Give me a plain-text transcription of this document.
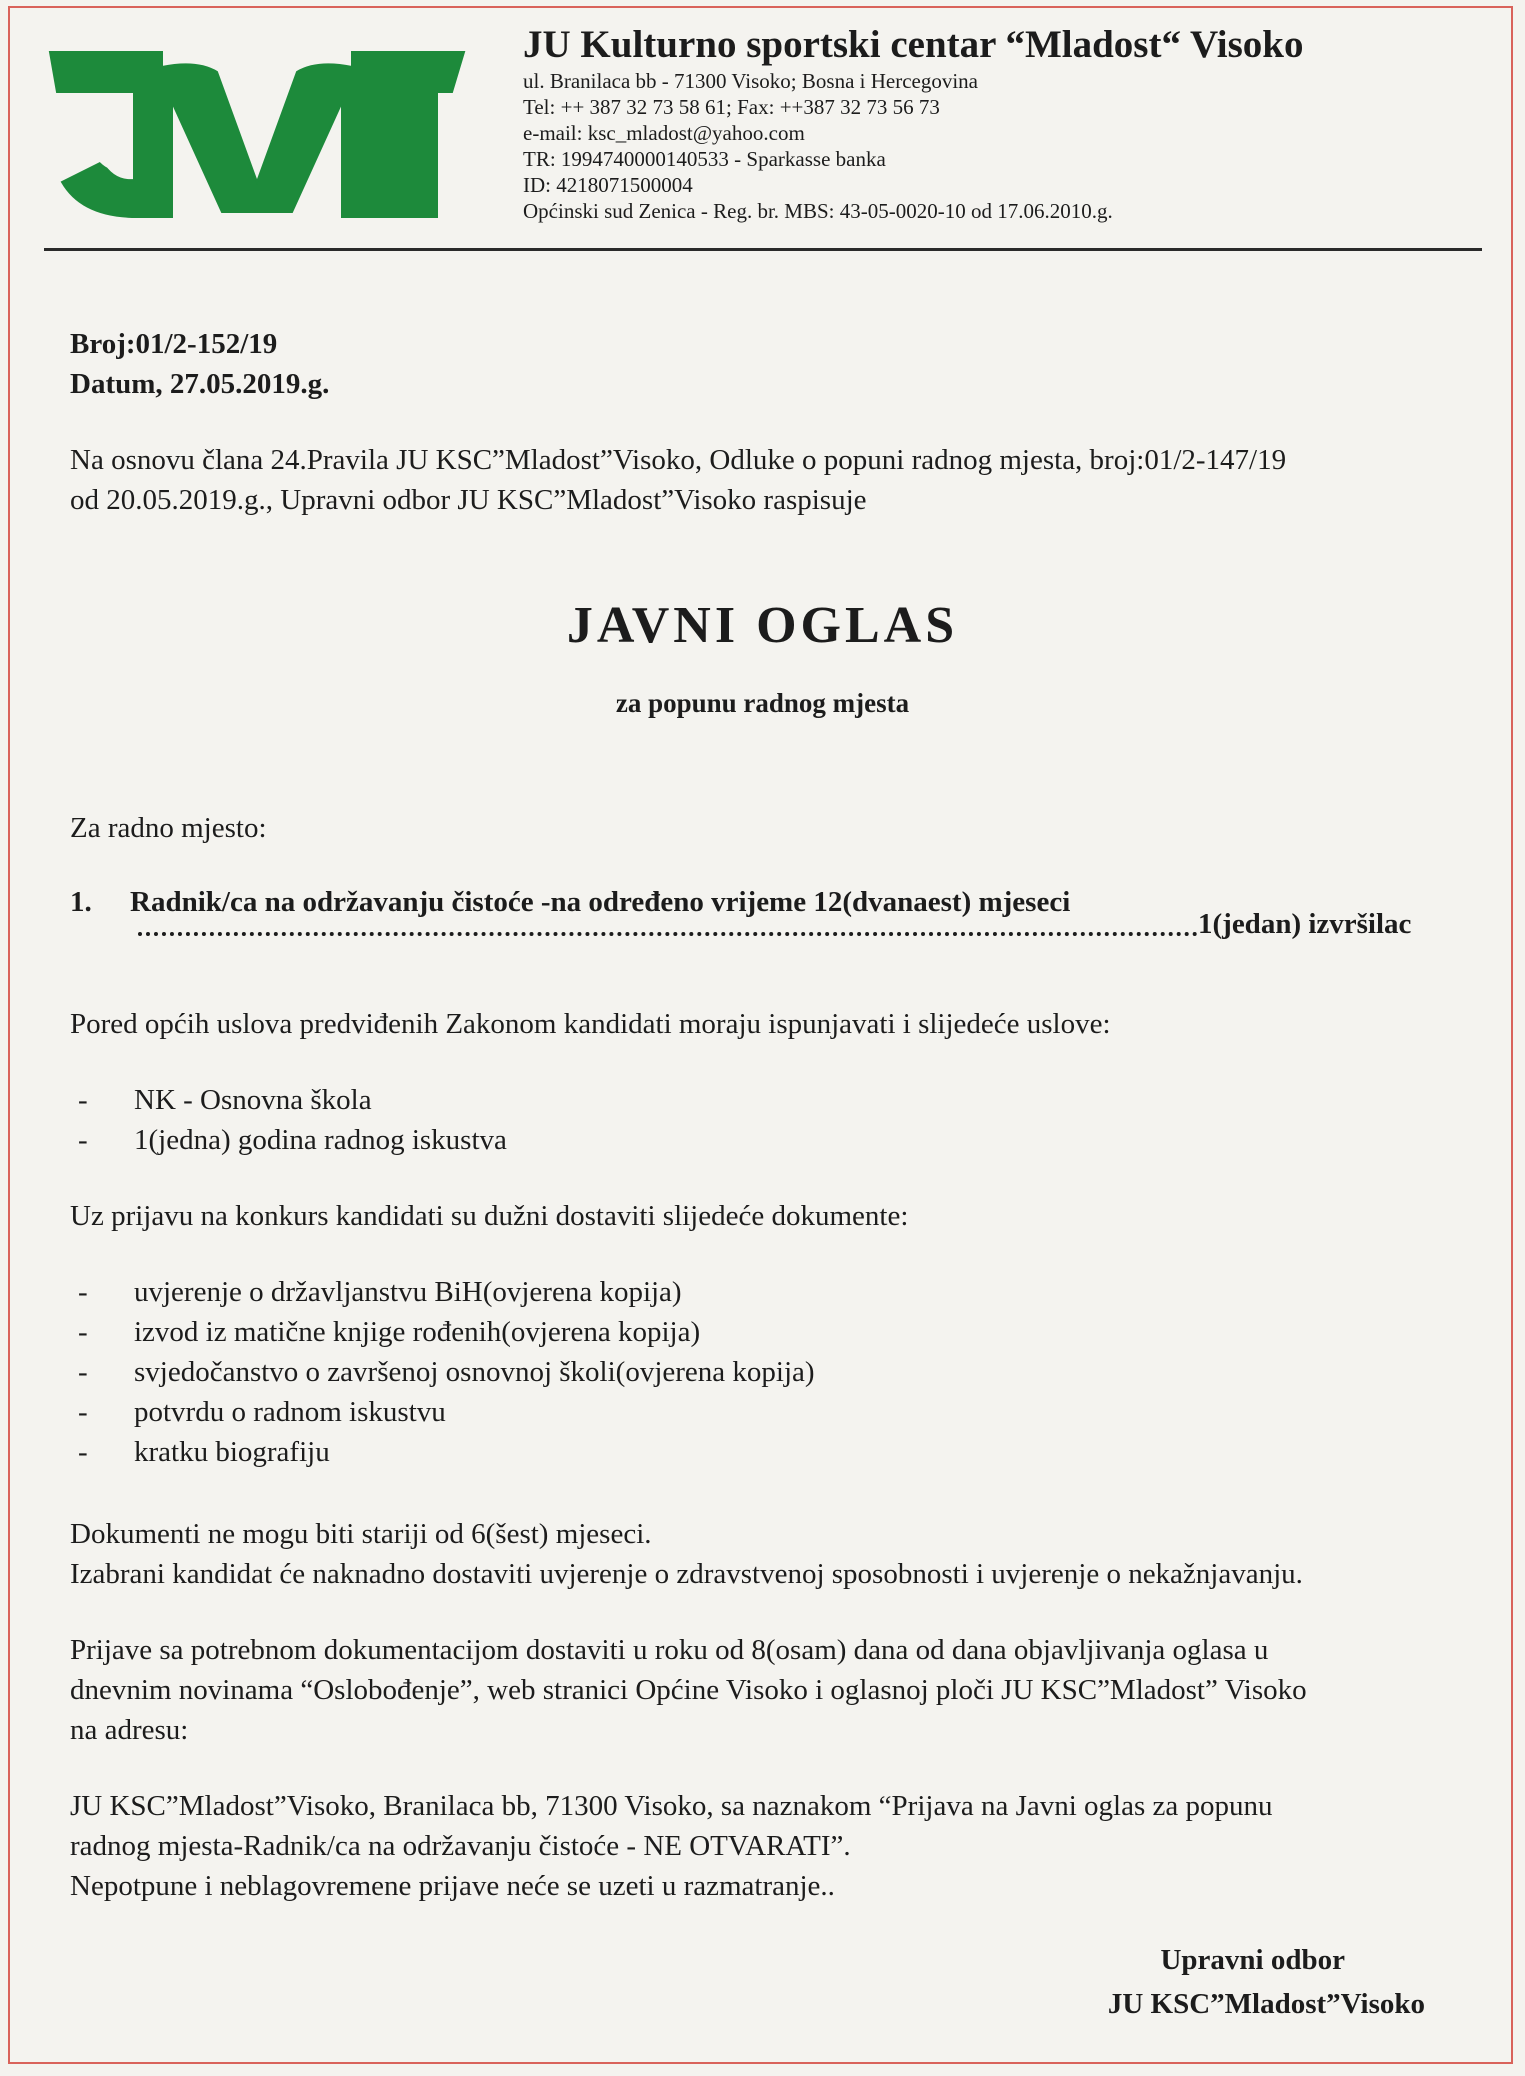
JU Kulturno sportski centar “Mladost“ Visoko
ul. Branilaca bb - 71300 Visoko; Bosna i Hercegovina
Tel: ++ 387 32 73 58 61; Fax: ++387 32 73 56 73
e-mail: ksc_mladost@yahoo.com
TR: 1994740000140533 - Sparkasse banka
ID: 4218071500004
Općinski sud Zenica - Reg. br. MBS: 43-05-0020-10 od 17.06.2010.g.
Broj:01/2-152/19
Datum, 27.05.2019.g.
Na osnovu člana 24.Pravila JU KSC”Mladost”Visoko, Odluke o popuni radnog mjesta, broj:01/2-147/19
od 20.05.2019.g., Upravni odbor JU KSC”Mladost”Visoko raspisuje
JAVNI OGLAS
za popunu radnog mjesta
Za radno mjesto:
1. Radnik/ca na održavanju čistoće -na određeno vrijeme 12(dvanaest) mjeseci
1(jedan) izvršilac
Pored općih uslova predviđenih Zakonom kandidati moraju ispunjavati i slijedeće uslove:
- NK - Osnovna škola
- 1(jedna) godina radnog iskustva
Uz prijavu na konkurs kandidati su dužni dostaviti slijedeće dokumente:
- uvjerenje o državljanstvu BiH(ovjerena kopija)
- izvod iz matične knjige rođenih(ovjerena kopija)
- svjedočanstvo o završenoj osnovnoj školi(ovjerena kopija)
- potvrdu o radnom iskustvu
- kratku biografiju
Dokumenti ne mogu biti stariji od 6(šest) mjeseci.
Izabrani kandidat će naknadno dostaviti uvjerenje o zdravstvenoj sposobnosti i uvjerenje o nekažnjavanju.
Prijave sa potrebnom dokumentacijom dostaviti u roku od 8(osam) dana od dana objavljivanja oglasa u
dnevnim novinama “Oslobođenje”, web stranici Općine Visoko i oglasnoj ploči JU KSC”Mladost” Visoko
na adresu:
JU KSC”Mladost”Visoko, Branilaca bb, 71300 Visoko, sa naznakom “Prijava na Javni oglas za popunu
radnog mjesta-Radnik/ca na održavanju čistoće - NE OTVARATI”.
Nepotpune i neblagovremene prijave neće se uzeti u razmatranje..
Upravni odbor
JU KSC”Mladost”Visoko
